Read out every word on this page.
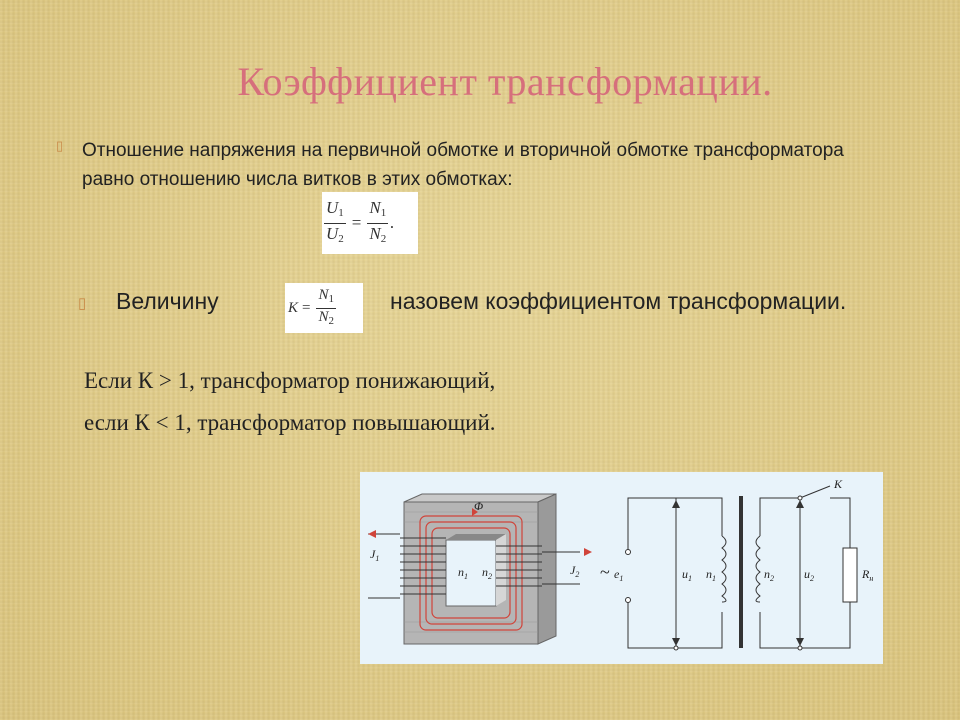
Коэффициент трансформации.
▯ Отношение напряжения на первичной обмотке и вторичной обмотке трансформатора равно отношению числа витков в этих обмотках:
$\frac{U_1}{U_2} = \frac{N_1}{N_2}$ .
▯ Величину	$K = \frac{N_1}{N_2}$ назовем коэффициентом трансформации.
Если К > 1, трансформатор понижающий,
если К < 1, трансформатор повышающий.
Φ
$J_1$
$J_2$
$n_1$ $n_2$	~ $e_1$	$u_1$ $n_1$	$n_2$	$u_2$
K
$R_н$
